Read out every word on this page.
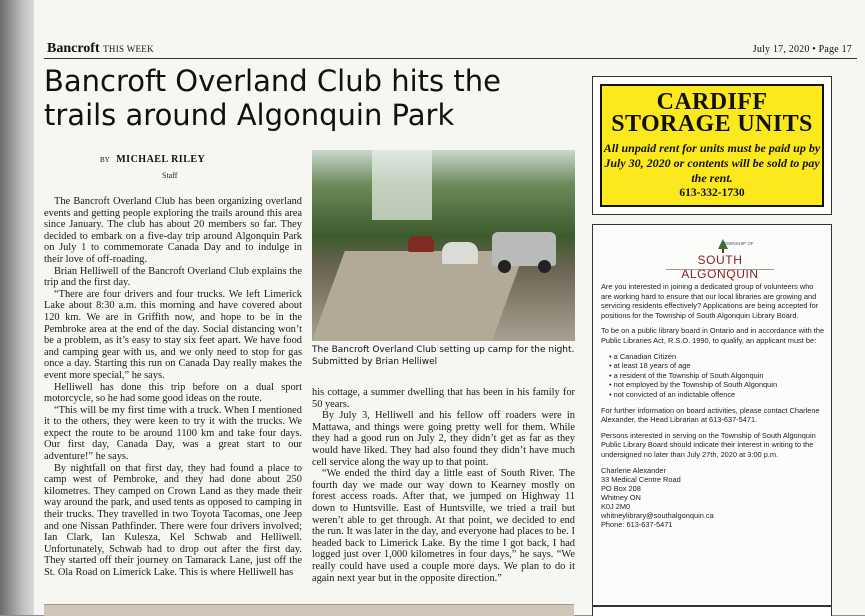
Bancroft THIS WEEK	July 17, 2020 • Page 17
Bancroft Overland Club hits the trails around Algonquin Park
BY MICHAEL RILEY
Staff

The Bancroft Overland Club has been organizing overland events and getting people exploring the trails around this area since January. The club has about 20 members so far. They decided to embark on a five-day trip around Algonquin Park on July 1 to commemorate Canada Day and to indulge in their love of off-roading.

Brian Helliwell of the Bancroft Overland Club explains the trip and the first day.

“There are four drivers and four trucks. We left Limerick Lake about 8:30 a.m. this morning and have covered about 120 km. We are in Griffith now, and hope to be in the Pembroke area at the end of the day. Social distancing won’t be a problem, as it’s easy to stay six feet apart. We have food and camping gear with us, and we only need to stop for gas once a day. Starting this run on Canada Day really makes the event more special,” he says.

Helliwell has done this trip before on a dual sport motorcycle, so he had some good ideas on the route.

“This will be my first time with a truck. When I mentioned it to the others, they were keen to try it with the trucks. We expect the route to be around 1100 km and take four days. Our first day, Canada Day, was a great start to our adventure!” he says.

By nightfall on that first day, they had found a place to camp west of Pembroke, and they had done about 250 kilometres. They camped on Crown Land as they made their way around the park, and used tents as opposed to camping in their trucks. They travelled in two Toyota Tacomas, one Jeep and one Nissan Pathfinder. There were four drivers involved; Ian Clark, Ian Kulesza, Kel Schwab and Helliwell. Unfortunately, Schwab had to drop out after the first day. They started off their journey on Tamarack Lane, just off the St. Ola Road on Limerick Lake. This is where Helliwell has

The Bancroft Overland Club setting up camp for the night. Submitted by Brian Helliwel

his cottage, a summer dwelling that has been in his family for 50 years.

By July 3, Helliwell and his fellow off roaders were in Mattawa, and things were going pretty well for them. While they had a good run on July 2, they didn’t get as far as they would have liked. They had also found they didn’t have much cell service along the way up to that point.

“We ended the third day a little east of South River. The fourth day we made our way down to Kearney mostly on forest access roads. After that, we jumped on Highway 11 down to Huntsville. East of Huntsville, we tried a trail but weren’t able to get through. At that point, we decided to end the run. It was later in the day, and everyone had places to be. I headed back to Limerick Lake. By the time I got back, I had logged just over 1,000 kilometres in four days,” he says. “We really could have used a couple more days. We plan to do it again next year but in the opposite direction.”

CARDIFF
STORAGE UNITS
All unpaid rent for units must be paid up by July 30, 2020 or contents will be sold to pay the rent.
613-332-1730
TOWNSHIP OF
SOUTH ALGONQUIN

Are you interested in joining a dedicated group of volunteers who are working hard to ensure that our local libraries are growing and servicing residents effectively? Applications are being accepted for positions for the Township of South Algonquin Library Board.

To be on a public library board in Ontario and in accordance with the Public Libraries Act, R.S.O. 1990, to qualify, an applicant must be:

• a Canadian Citizen
• at least 18 years of age
• a resident of the Township of South Algonquin
• not employed by the Township of South Algonquin
• not convicted of an indictable offence

For further information on board activities, please contact Charlene Alexander, the Head Librarian at 613-637-5471.

Persons interested in serving on the Township of South Algonquin Public Library Board should indicate their interest in writing to the undersigned no later than July 27th, 2020 at 3:00 p.m.

Charlene Alexander
33 Medical Centre Road
PO Box 208
Whitney ON
K0J 2M0
whitneylibrary@southalgonquin.ca
Phone: 613-637-5471
